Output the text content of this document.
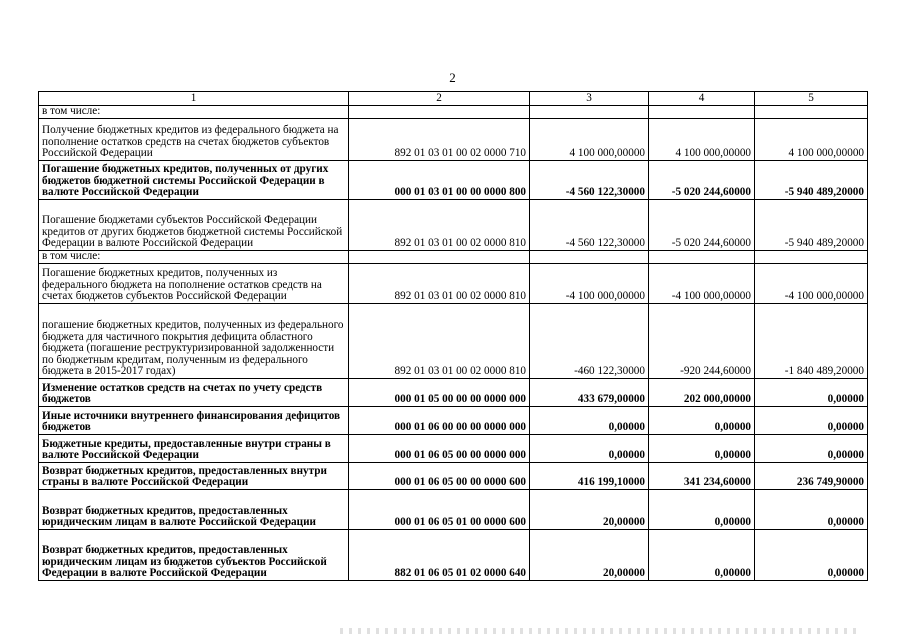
2
1	2	3	4	5
в том числе:				
Получение бюджетных кредитов из федерального бюджета на пополнение остатков средств на счетах бюджетов субъектов Российской Федерации	892 01 03 01 00 02 0000 710	4 100 000,00000	4 100 000,00000	4 100 000,00000
Погашение бюджетных кредитов, полученных от других бюджетов бюджетной системы Российской Федерации в валюте Российской Федерации	000 01 03 01 00 00 0000 800	-4 560 122,30000	-5 020 244,60000	-5 940 489,20000
Погашение бюджетами субъектов Российской Федерации кредитов от других бюджетов бюджетной системы Российской Федерации в валюте Российской Федерации	892 01 03 01 00 02 0000 810	-4 560 122,30000	-5 020 244,60000	-5 940 489,20000
в том числе:				
Погашение бюджетных кредитов, полученных из федерального бюджета на пополнение остатков средств на счетах бюджетов субъектов Российской Федерации	892 01 03 01 00 02 0000 810	-4 100 000,00000	-4 100 000,00000	-4 100 000,00000
погашение бюджетных кредитов, полученных из федерального бюджета для частичного покрытия дефицита областного бюджета (погашение реструктуризированной задолженности по бюджетным кредитам, полученным из федерального бюджета в 2015-2017 годах)	892 01 03 01 00 02 0000 810	-460 122,30000	-920 244,60000	-1 840 489,20000
Изменение остатков средств на счетах по учету средств бюджетов	000 01 05 00 00 00 0000 000	433 679,00000	202 000,00000	0,00000
Иные источники внутреннего финансирования дефицитов бюджетов	000 01 06 00 00 00 0000 000	0,00000	0,00000	0,00000
Бюджетные кредиты, предоставленные внутри страны в валюте Российской Федерации	000 01 06 05 00 00 0000 000	0,00000	0,00000	0,00000
Возврат бюджетных кредитов, предоставленных внутри страны в валюте Российской Федерации	000 01 06 05 00 00 0000 600	416 199,10000	341 234,60000	236 749,90000
Возврат бюджетных кредитов, предоставленных юридическим лицам в валюте Российской Федерации	000 01 06 05 01 00 0000 600	20,00000	0,00000	0,00000
Возврат бюджетных кредитов, предоставленных юридическим лицам из бюджетов субъектов Российской Федерации в валюте Российской Федерации	882 01 06 05 01 02 0000 640	20,00000	0,00000	0,00000
